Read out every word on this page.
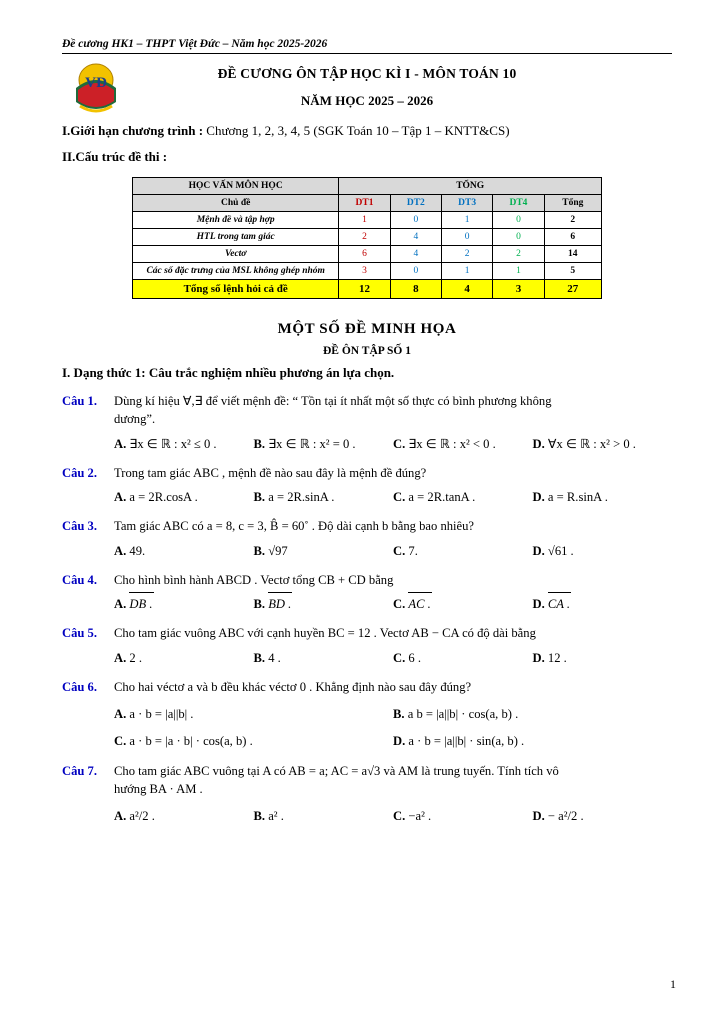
Đề cương HK1 – THPT Việt Đức – Năm học 2025-2026
VĐ
ĐỀ CƯƠNG ÔN TẬP HỌC KÌ I - MÔN TOÁN 10
NĂM HỌC 2025 – 2026
I.Giới hạn chương trình : Chương 1, 2, 3, 4, 5 (SGK Toán 10 – Tập 1 – KNTT&CS)
II.Cấu trúc đề thi :
HỌC VẤN MÔN HỌC	TỔNG				
Chủ đề	DT1	DT2	DT3	DT4	Tổng
Mệnh đề và tập hợp	1	0	1	0	2
HTL trong tam giác	2	4	0	0	6
Vectơ	6	4	2	2	14
Các số đặc trưng của MSL không ghép nhóm	3	0	1	1	5
Tổng số lệnh hỏi cả đề	12	8	4	3	27
MỘT SỐ ĐỀ MINH HỌA
ĐỀ ÔN TẬP SỐ 1
I. Dạng thức 1: Câu trắc nghiệm nhiều phương án lựa chọn.
Câu 1.	Dùng kí hiệu ∀,∃ để viết mệnh đề: “ Tồn tại ít nhất một số thực có bình phương không
dương”.
A. ∃x ∈ ℝ : x² ≤ 0 .	B. ∃x ∈ ℝ : x² = 0 .	C. ∃x ∈ ℝ : x² < 0 .	D. ∀x ∈ ℝ : x² > 0 .
Câu 2.	Trong tam giác ABC , mệnh đề nào sau đây là mệnh đề đúng?
A. a = 2R.cosA .	B. a = 2R.sinA .	C. a = 2R.tanA .	D. a = R.sinA .
Câu 3.	Tam giác ABC có a = 8, c = 3, B̂ = 60˚ . Độ dài cạnh b bằng bao nhiêu?
A. 49.	B. √97	C. 7.	D. √61 .
Câu 4.	Cho hình bình hành ABCD . Vectơ tổng CB + CD bằng
A. DB .	B. BD .	C. AC .	D. CA .
Câu 5.	Cho tam giác vuông ABC với cạnh huyền BC = 12 . Vectơ AB − CA có độ dài bằng
A. 2 .	B. 4 .	C. 6 .	D. 12 .
Câu 6.	Cho hai véctơ a và b đều khác véctơ 0 . Khẳng định nào sau đây đúng?
A. a · b = |a||b| .	B. a b = |a||b| · cos(a, b) .
C. a · b = |a · b| · cos(a, b) .	D. a · b = |a||b| · sin(a, b) .
Câu 7.	Cho tam giác ABC vuông tại A có AB = a; AC = a√3 và AM là trung tuyến. Tính tích vô
hướng BA · AM .
A. a²/2 .	B. a² .	C. −a² .	D. − a²/2 .
1
